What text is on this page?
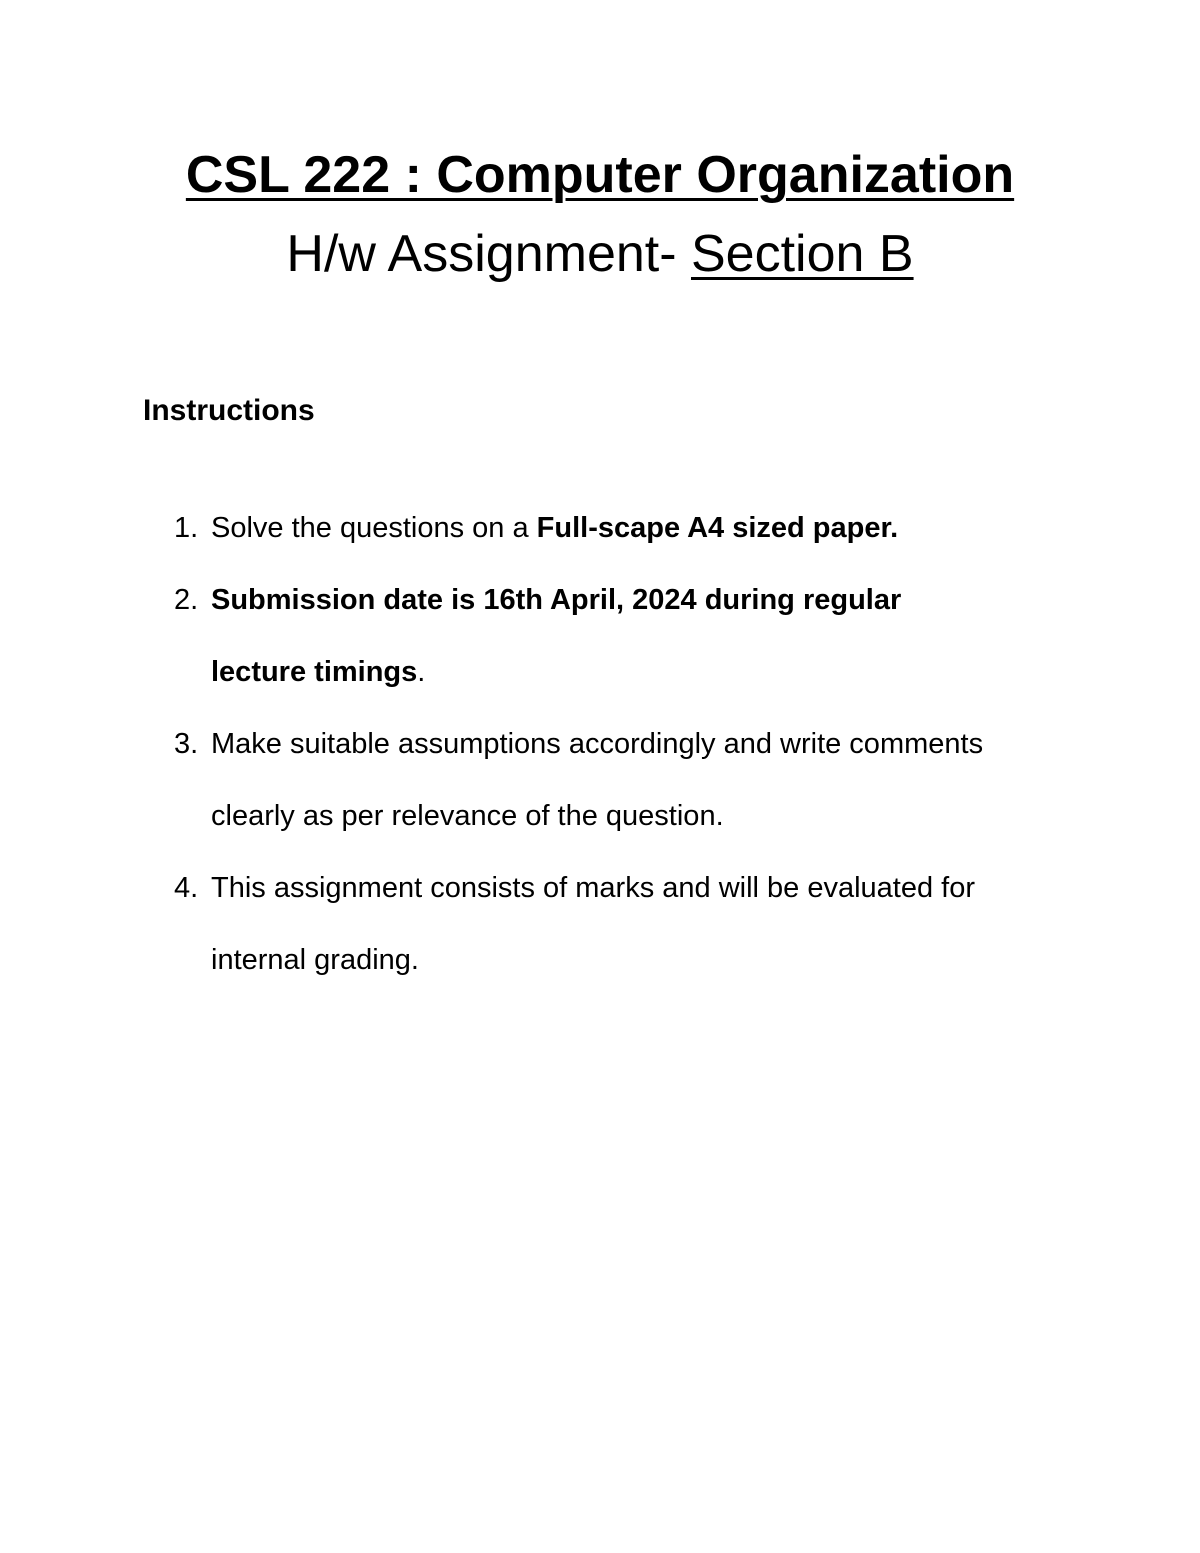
CSL 222 : Computer Organization
H/w Assignment- Section B
Instructions
1. Solve the questions on a Full-scape A4 sized paper.
2. Submission date is 16th April, 2024 during regular
lecture timings.
3. Make suitable assumptions accordingly and write comments
clearly as per relevance of the question.
4. This assignment consists of marks and will be evaluated for
internal grading.
